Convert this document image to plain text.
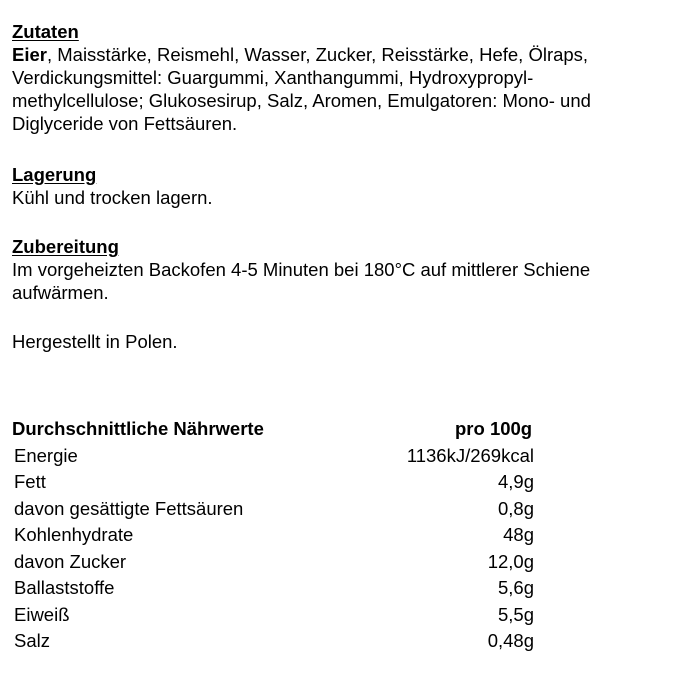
Zutaten
Eier, Maisstärke, Reismehl, Wasser, Zucker, Reisstärke, Hefe, Ölraps,
Verdickungsmittel: Guargummi, Xanthangummi, Hydroxypropyl-
methylcellulose; Glukosesirup, Salz, Aromen, Emulgatoren: Mono- und
Diglyceride von Fettsäuren.
Lagerung
Kühl und trocken lagern.
Zubereitung
Im vorgeheizten Backofen 4-5 Minuten bei 180°C auf mittlerer Schiene
aufwärmen.
Hergestellt in Polen.
Durchschnittliche Nährwerte	pro 100g
Energie	1136kJ/269kcal
Fett	4,9g
davon gesättigte Fettsäuren	0,8g
Kohlenhydrate	48g
davon Zucker	12,0g
Ballaststoffe	5,6g
Eiweiß	5,5g
Salz	0,48g
